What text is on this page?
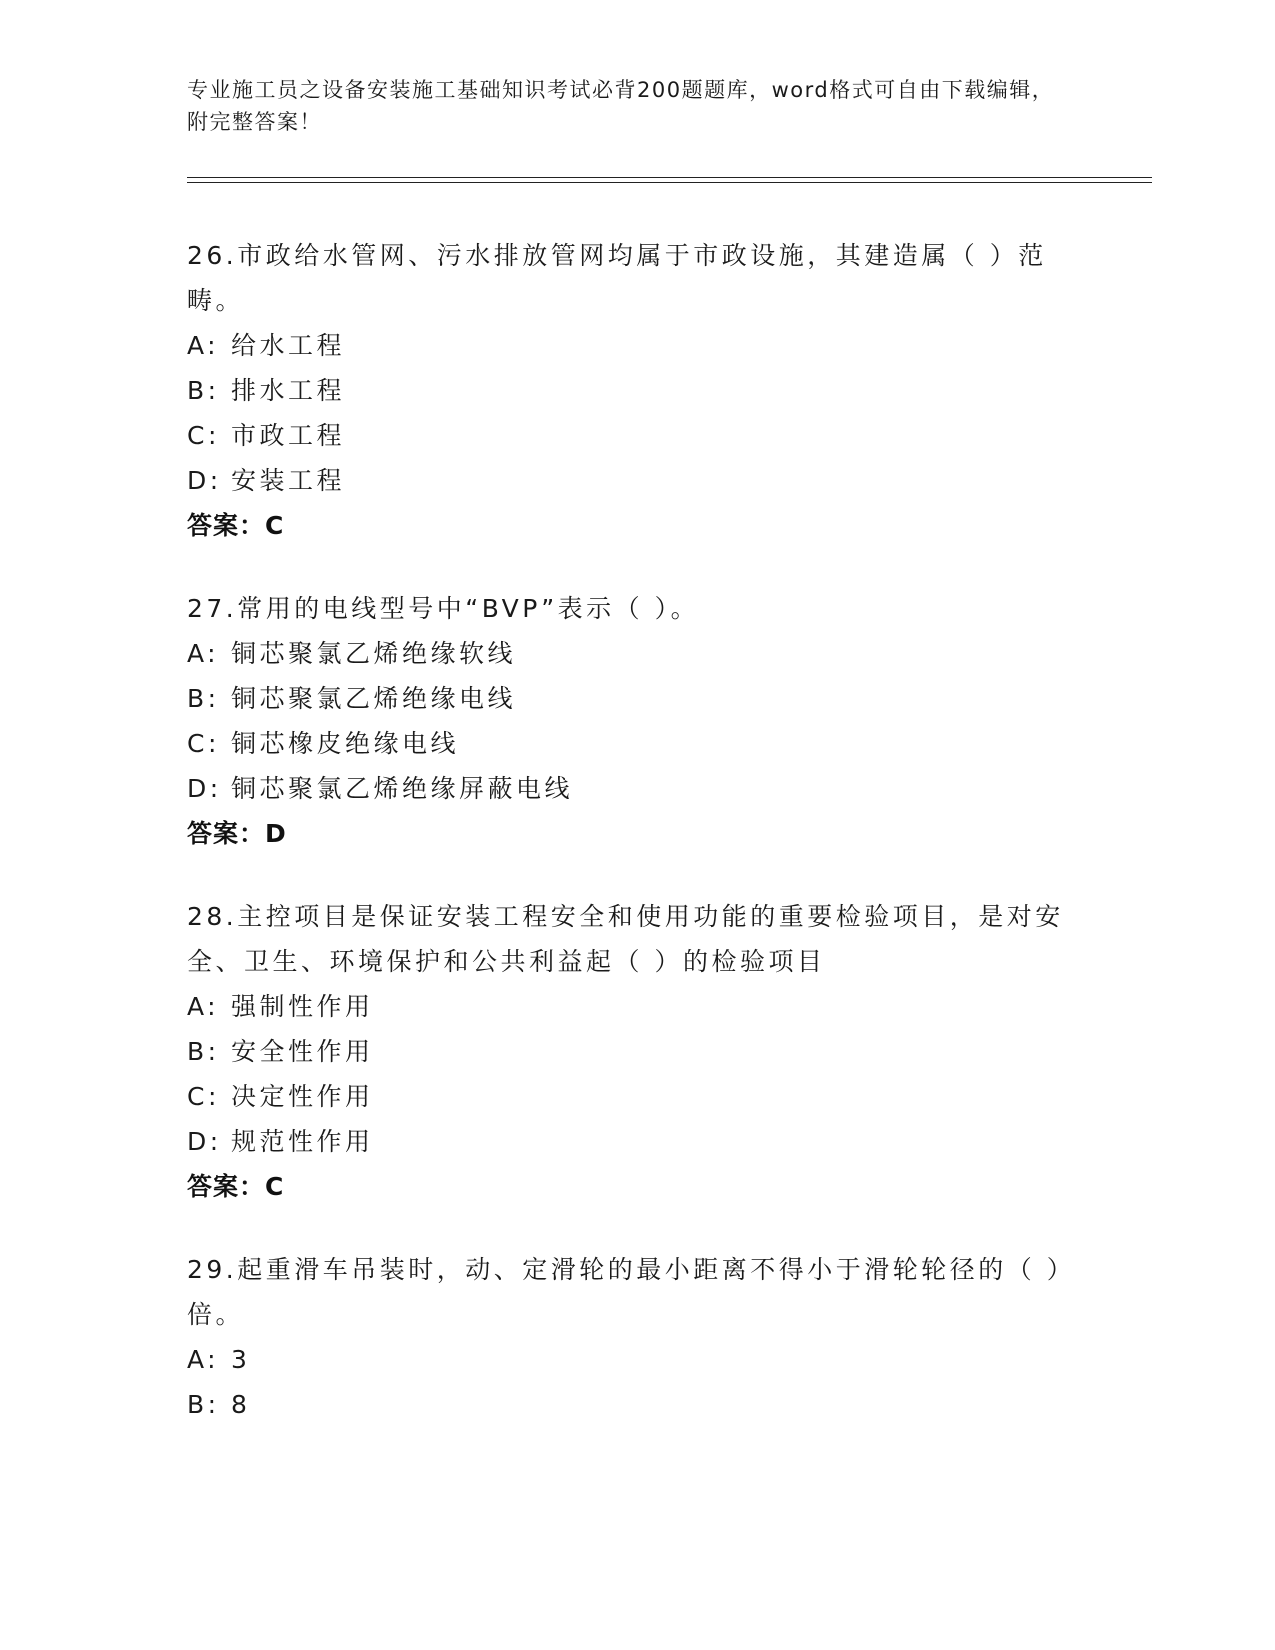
专业施工员之设备安装施工基础知识考试必背200题题库，word格式可自由下载编辑，附完整答案！
26.市政给水管网、污水排放管网均属于市政设施，其建造属（ ）范畴。
A: 给水工程
B: 排水工程
C: 市政工程
D: 安装工程
答案：C
27.常用的电线型号中“BVP”表示（ ）。
A: 铜芯聚氯乙烯绝缘软线
B: 铜芯聚氯乙烯绝缘电线
C: 铜芯橡皮绝缘电线
D: 铜芯聚氯乙烯绝缘屏蔽电线
答案：D
28.主控项目是保证安装工程安全和使用功能的重要检验项目，是对安全、卫生、环境保护和公共利益起（ ）的检验项目
A: 强制性作用
B: 安全性作用
C: 决定性作用
D: 规范性作用
答案：C
29.起重滑车吊装时，动、定滑轮的最小距离不得小于滑轮轮径的（ ）倍。
A: 3
B: 8
